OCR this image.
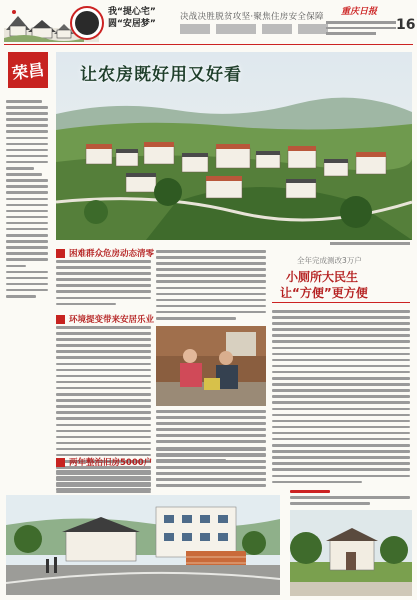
我“提心宅”
圆“安居梦”
决战决胜脱贫攻坚·聚焦住房安全保障 重庆日报
16
荣昌 让农房既好用又好看
困难群众危房动态清零
环境提变带来安居乐业
两年整治旧房5000户
全年完成测改3万户
小厕所大民生
让“方便”更方便
